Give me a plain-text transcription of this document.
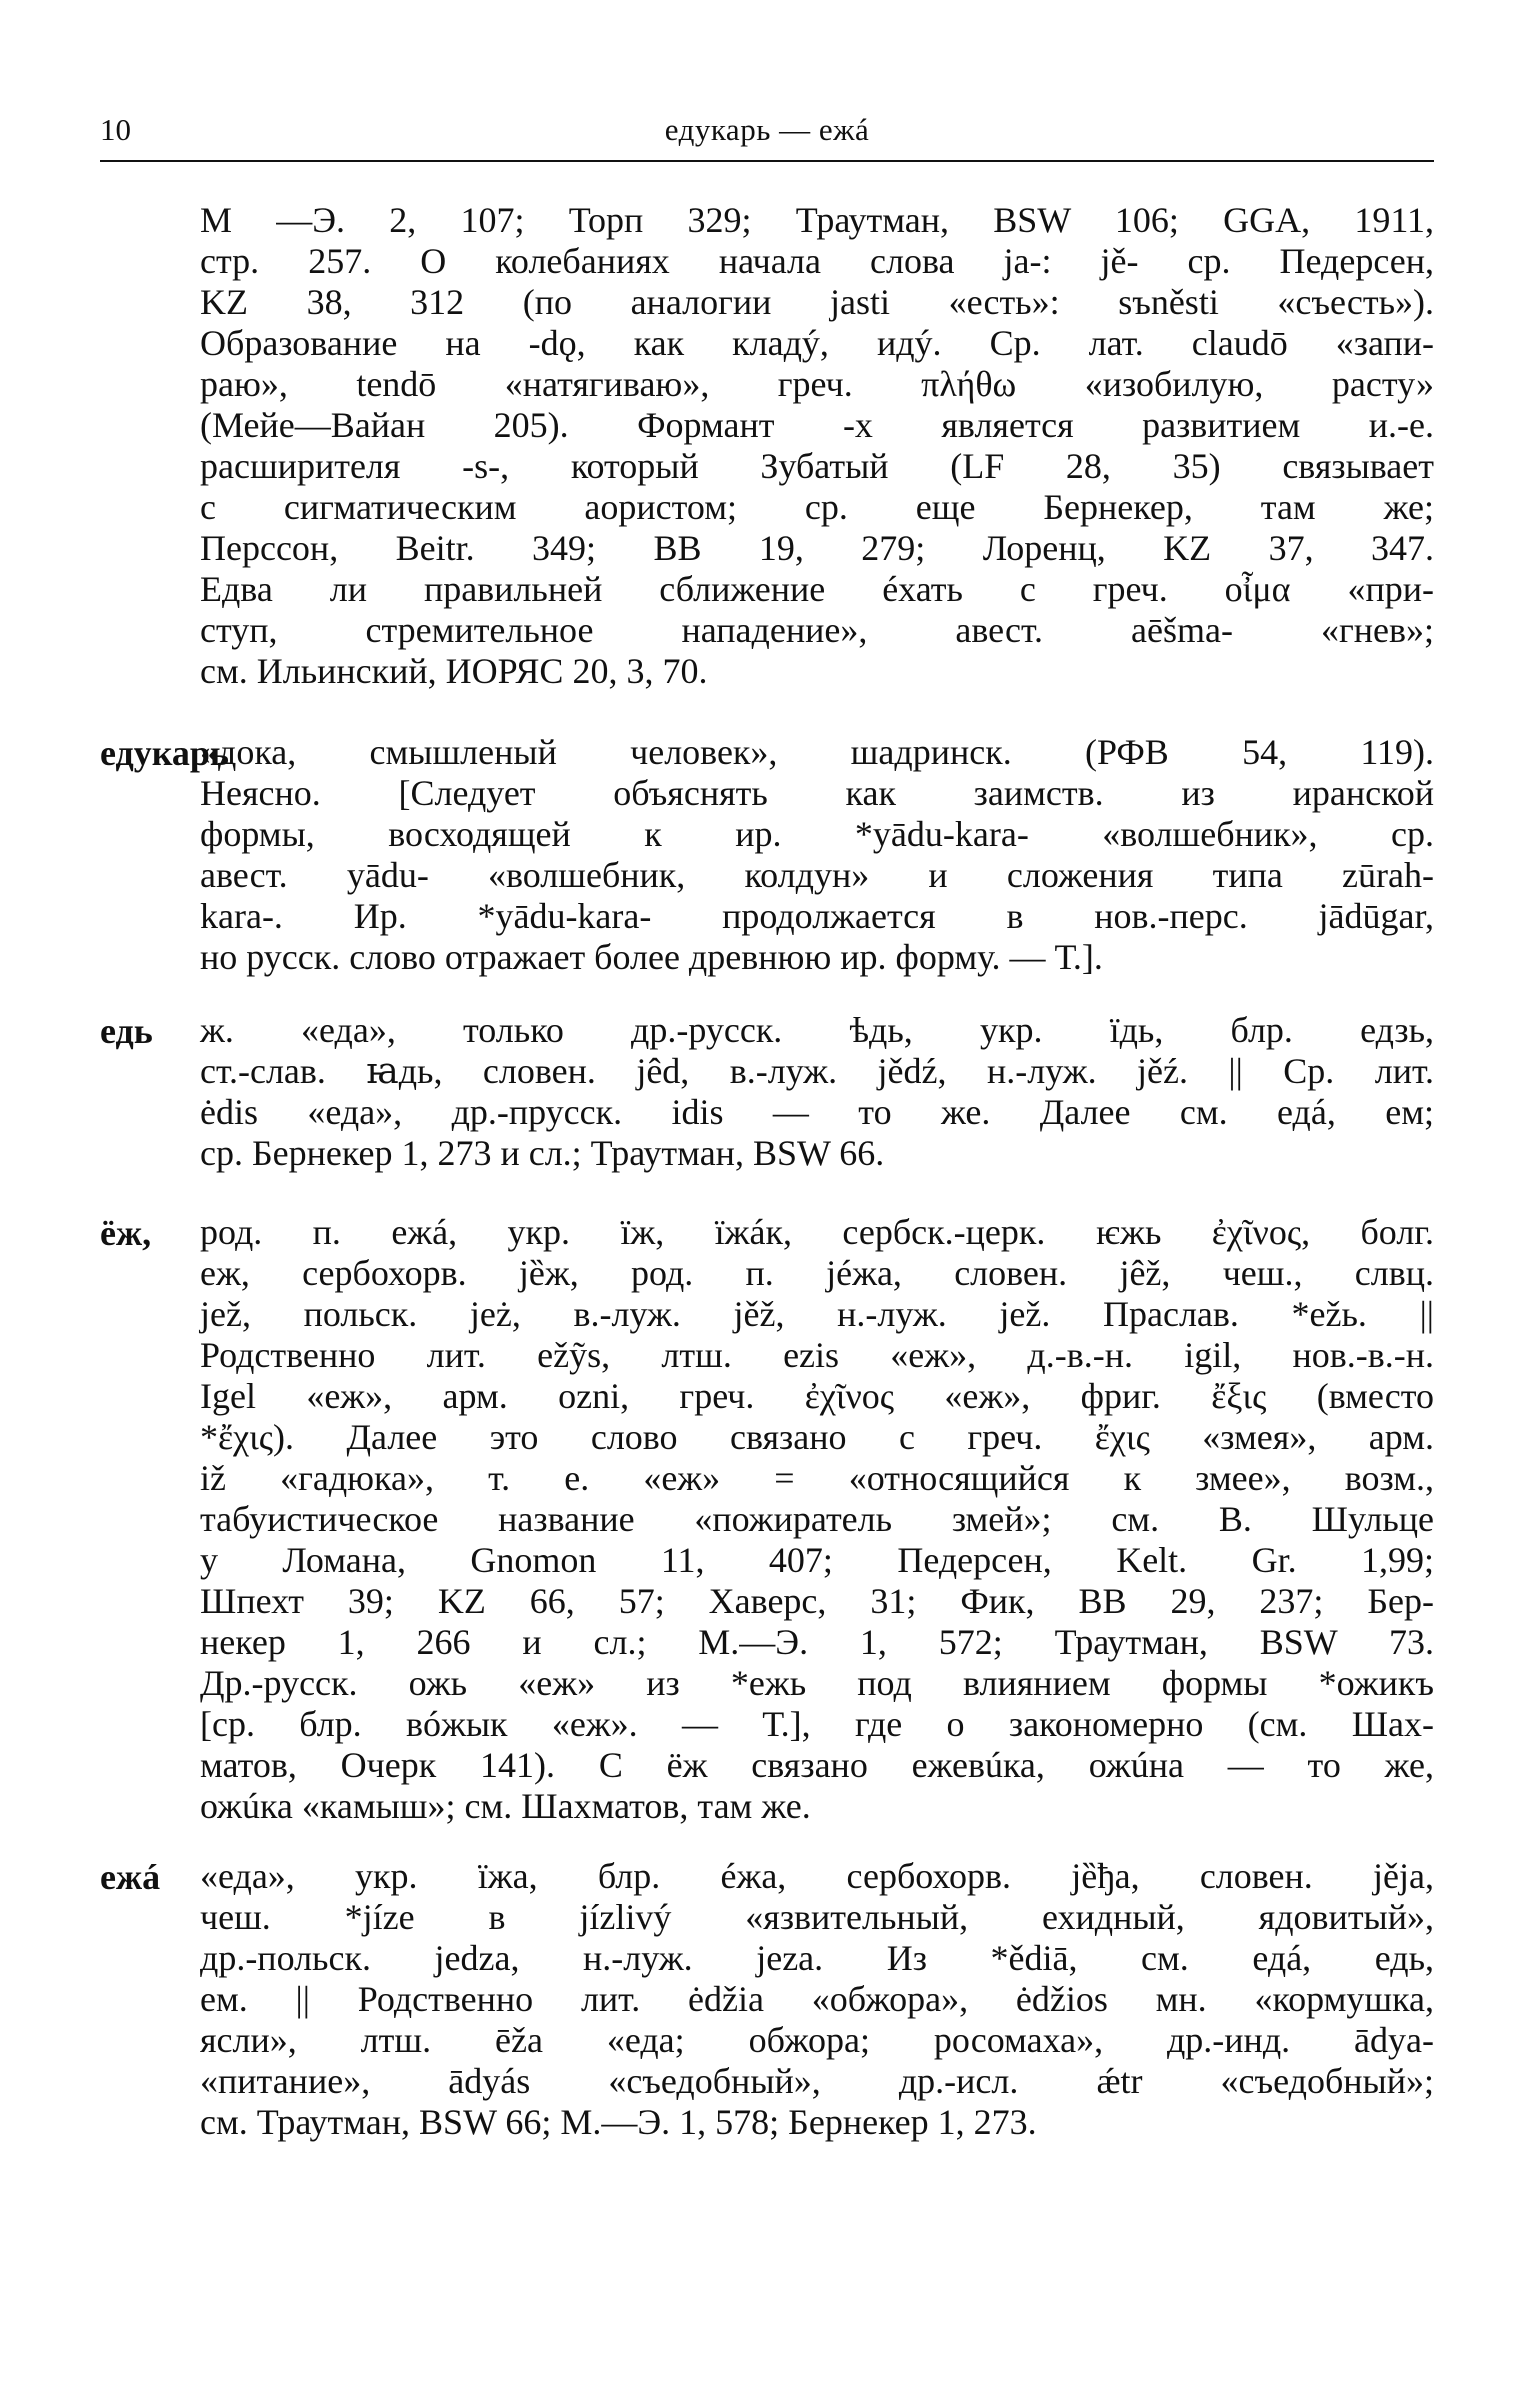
10	едукарь — ежá
М —Э. 2, 107; Торп 329; Траутман, BSW 106; GGA, 1911,
стр. 257. О колебаниях начала слова ja-: jě- ср. Педерсен,
KZ 38, 312 (по аналогии jasti «есть»: sъněsti «съесть»).
Образование на -dǫ, как кладý, идý. Ср. лат. claudō «запи-
раю», tendō «натягиваю», греч. πλήθω «изобилую, расту»
(Мейе—Вайан 205). Формант -х является развитием и.-е.
расширителя -s-, который Зубатый (LF 28, 35) связывает
с сигматическим аористом; ср. еще Бернекер, там же;
Перссон, Beitr. 349; BB 19, 279; Лоренц, KZ 37, 347.
Едва ли правильней сближение éхать с греч. οἶμα «при-
ступ, стремительное нападение», авест. aēšma- «гнев»;
см. Ильинский, ИОРЯС 20, 3, 70.
едукарь
«дока, смышленый человек», шадринск. (РФВ 54, 119).
Неясно. [Следует объяснять как заимств. из иранской
формы, восходящей к ир. *yādu-kara- «волшебник», ср.
авест. yādu- «волшебник, колдун» и сложения типа zūrah-
kara-. Ир. *yādu-kara- продолжается в нов.-перс. jādūgar,
но русск. слово отражает более древнюю ир. форму. — Т.].
едь ж. «еда», только др.-русск. ѣдь, укр. їдь, блр. едзь,
ст.-слав. ꙗдь, словен. jêd, в.-луж. jědź, н.-луж. jěź. || Ср. лит.
ėdis «еда», др.-прусск. idis — то же. Далее см. едá, ем;
ср. Бернекер 1, 273 и сл.; Траутман, BSW 66.
ёж, род. п. ежá, укр. їж, їжáк, сербск.-церк. ѥжь ἐχῖνος, болг.
еж, сербохорв. jȅж, род. п. jéжа, словен. jêž, чеш., слвц.
jež, польск. jeż, в.-луж. jěž, н.-луж. jež. Праслав. *ežь. ||
Родственно лит. ežỹs, лтш. ezis «еж», д.-в.-н. igil, нов.-в.-н.
Igel «еж», арм. ozni, греч. ἐχῖνος «еж», фриг. ἔξις (вместо
*ἔχις). Далее это слово связано с греч. ἔχις «змея», арм.
iž «гадюка», т. е. «еж» = «относящийся к змее», возм.,
табуистическое название «пожиратель змей»; см. В. Шульце
у Ломана, Gnomon 11, 407; Педерсен, Kelt. Gr. 1,99;
Шпехт 39; KZ 66, 57; Хаверс, 31; Фик, BB 29, 237; Бер-
некер 1, 266 и сл.; М.—Э. 1, 572; Траутман, BSW 73.
Др.-русск. ожь «еж» из *ежь под влиянием формы *ожикъ
[ср. блр. вóжык «еж». — Т.], где о закономерно (см. Шах-
матов, Очерк 141). С ёж связано ежевúка, ожúна — то же,
ожúка «камыш»; см. Шахматов, там же.
ежá «еда», укр. їжа, блр. éжа, сербохорв. jȅђа, словен. jěja,
чеш. *jíze в jízlivý «язвительный, ехидный, ядовитый»,
др.-польск. jedza, н.-луж. jeza. Из *ědiā, см. едá, едь,
ем. || Родственно лит. ėdžia «обжора», ėdžios мн. «кормушка,
ясли», лтш. ēža «еда; обжора; росомаха», др.-инд. ādya-
«питание», ādyás «съедобный», др.-исл. ǽtr «съедобный»;
см. Траутман, BSW 66; М.—Э. 1, 578; Бернекер 1, 273.
